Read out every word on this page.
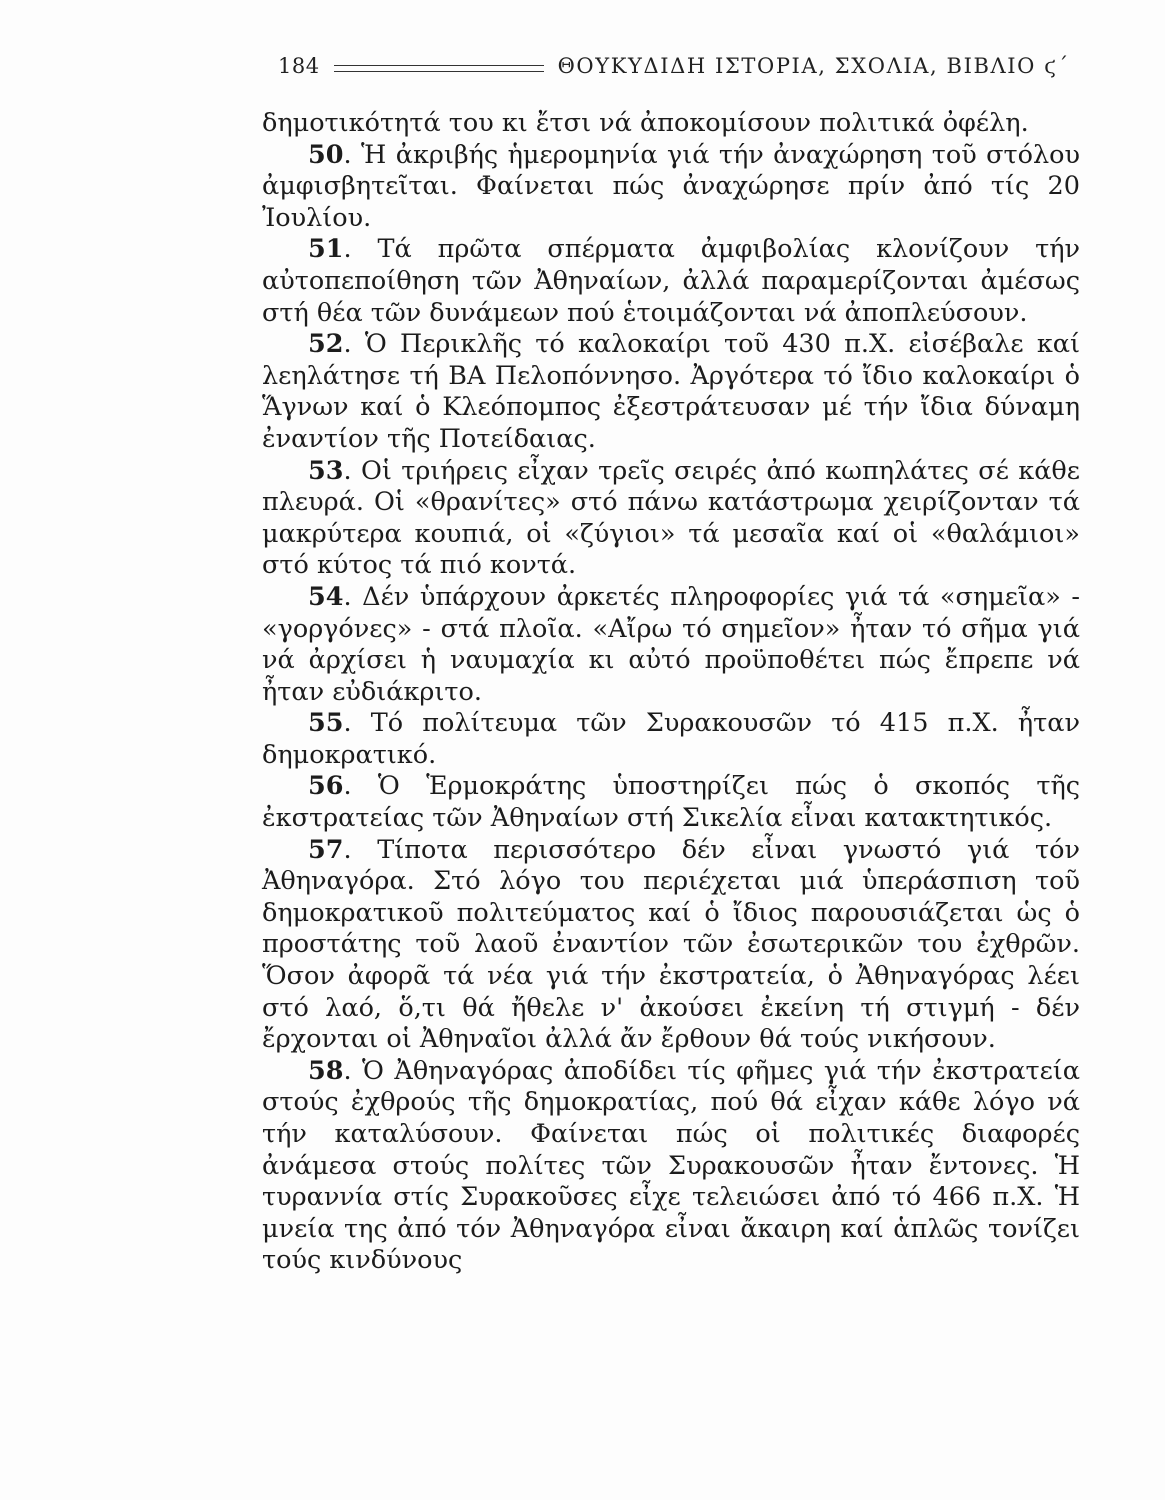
184	ΘΟΥΚΥΔΙΔΗ ΙΣΤΟΡΙΑ, ΣΧΟΛΙΑ, ΒΙΒΛΙΟ ϛ΄

δημοτικότητά του κι ἔτσι νά ἀποκομίσουν πολιτικά ὀφέλη.

50. Ἡ ἀκριβής ἡμερομηνία γιά τήν ἀναχώρηση τοῦ στόλου ἀμφισβητεῖται. Φαίνεται πώς ἀναχώρησε πρίν ἀπό τίς 20 Ἰουλίου.

51. Τά πρῶτα σπέρματα ἀμφιβολίας κλονίζουν τήν αὐτοπεποίθηση τῶν Ἀθηναίων, ἀλλά παραμερίζονται ἀμέσως στή θέα τῶν δυνάμεων πού ἑτοιμάζονται νά ἀποπλεύσουν.

52. Ὁ Περικλῆς τό καλοκαίρι τοῦ 430 π.Χ. εἰσέβαλε καί λεηλάτησε τή ΒΑ Πελοπόννησο. Ἀργότερα τό ἴδιο καλοκαίρι ὁ Ἅγνων καί ὁ Κλεόπομπος ἐξεστράτευσαν μέ τήν ἴδια δύναμη ἐναντίον τῆς Ποτείδαιας.

53. Οἱ τριήρεις εἶχαν τρεῖς σειρές ἀπό κωπηλάτες σέ κάθε πλευρά. Οἱ «θρανίτες» στό πάνω κατάστρωμα χειρίζονταν τά μακρύτερα κουπιά, οἱ «ζύγιοι» τά μεσαῖα καί οἱ «θαλάμιοι» στό κύτος τά πιό κοντά.

54. Δέν ὑπάρχουν ἀρκετές πληροφορίες γιά τά «σημεῖα» - «γοργόνες» - στά πλοῖα. «Αἴρω τό σημεῖον» ἦταν τό σῆμα γιά νά ἀρχίσει ἡ ναυμαχία κι αὐτό προϋποθέτει πώς ἔπρεπε νά ἦταν εὐδιάκριτο.

55. Τό πολίτευμα τῶν Συρακουσῶν τό 415 π.Χ. ἦταν δημοκρατικό.

56. Ὁ Ἑρμοκράτης ὑποστηρίζει πώς ὁ σκοπός τῆς ἐκστρατείας τῶν Ἀθηναίων στή Σικελία εἶναι κατακτητικός.

57. Τίποτα περισσότερο δέν εἶναι γνωστό γιά τόν Ἀθηναγόρα. Στό λόγο του περιέχεται μιά ὑπεράσπιση τοῦ δημοκρατικοῦ πολιτεύματος καί ὁ ἴδιος παρουσιάζεται ὡς ὁ προστάτης τοῦ λαοῦ ἐναντίον τῶν ἐσωτερικῶν του ἐχθρῶν. Ὅσον ἀφορᾶ τά νέα γιά τήν ἐκστρατεία, ὁ Ἀθηναγόρας λέει στό λαό, ὅ,τι θά ἤθελε ν' ἀκούσει ἐκείνη τή στιγμή - δέν ἔρχονται οἱ Ἀθηναῖοι ἀλλά ἄν ἔρθουν θά τούς νικήσουν.

58. Ὁ Ἀθηναγόρας ἀποδίδει τίς φῆμες γιά τήν ἐκστρατεία στούς ἐχθρούς τῆς δημοκρατίας, πού θά εἶχαν κάθε λόγο νά τήν καταλύσουν. Φαίνεται πώς οἱ πολιτικές διαφορές ἀνάμεσα στούς πολίτες τῶν Συρακουσῶν ἦταν ἔντονες. Ἡ τυραννία στίς Συρακοῦσες εἶχε τελειώσει ἀπό τό 466 π.Χ. Ἡ μνεία της ἀπό τόν Ἀθηναγόρα εἶναι ἄκαιρη καί ἁπλῶς τονίζει τούς κινδύνους
